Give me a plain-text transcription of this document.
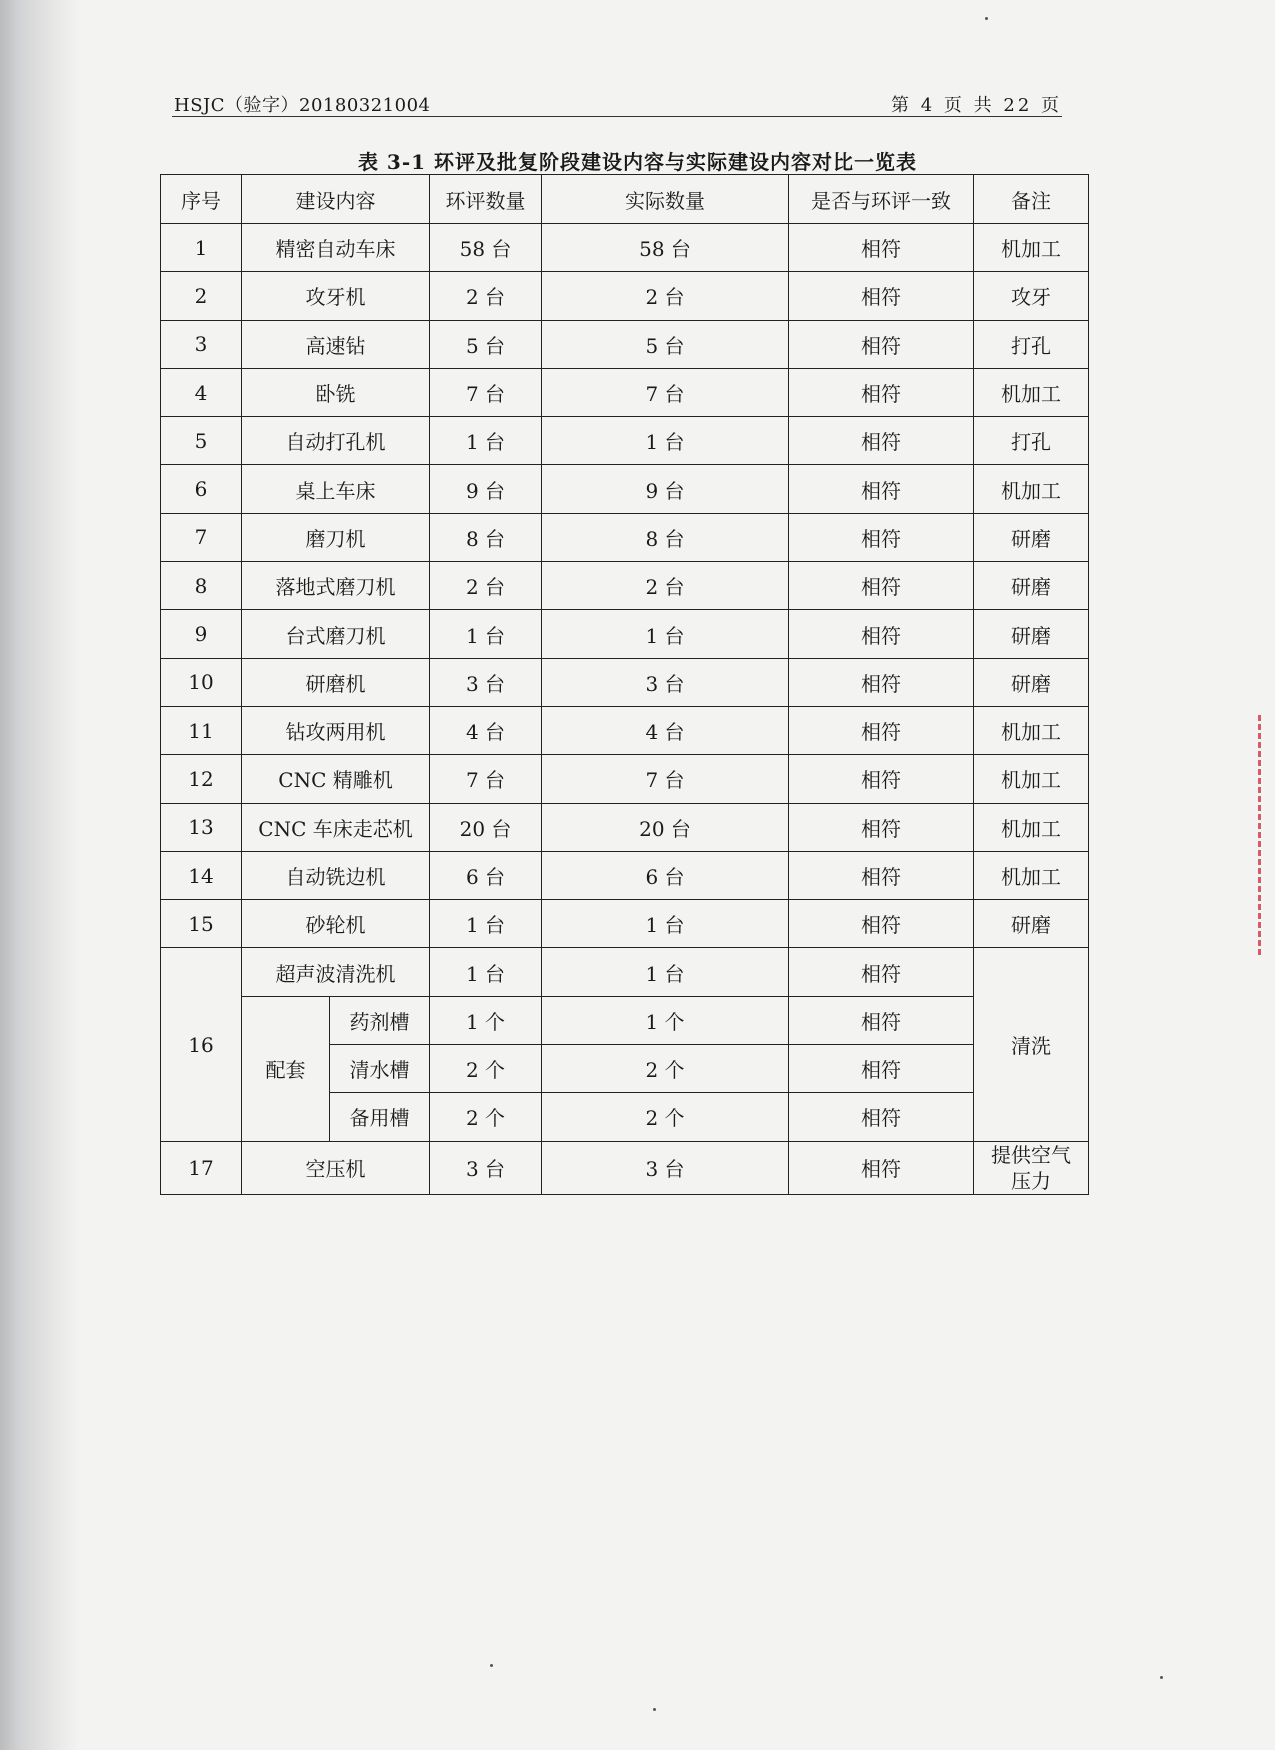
HSJC（验字）20180321004	第 4 页 共 22 页
表 3-1 环评及批复阶段建设内容与实际建设内容对比一览表
序号	建设内容		环评数量	实际数量	是否与环评一致	备注
1	精密自动车床		58 台	58 台	相符	机加工
2	攻牙机		2 台	2 台	相符	攻牙
3	高速钻		5 台	5 台	相符	打孔
4	卧铣		7 台	7 台	相符	机加工
5	自动打孔机		1 台	1 台	相符	打孔
6	桌上车床		9 台	9 台	相符	机加工
7	磨刀机		8 台	8 台	相符	研磨
8	落地式磨刀机		2 台	2 台	相符	研磨
9	台式磨刀机		1 台	1 台	相符	研磨
10	研磨机		3 台	3 台	相符	研磨
11	钻攻两用机		4 台	4 台	相符	机加工
12	CNC 精雕机		7 台	7 台	相符	机加工
13	CNC 车床走芯机		20 台	20 台	相符	机加工
14	自动铣边机		6 台	6 台	相符	机加工
15	砂轮机		1 台	1 台	相符	研磨
16	超声波清洗机		1 台	1 台	相符	清洗
	配套	药剂槽	1 个	1 个	相符	
		清水槽	2 个	2 个	相符	
		备用槽	2 个	2 个	相符	
17	空压机		3 台	3 台	相符	提供空气
压力
